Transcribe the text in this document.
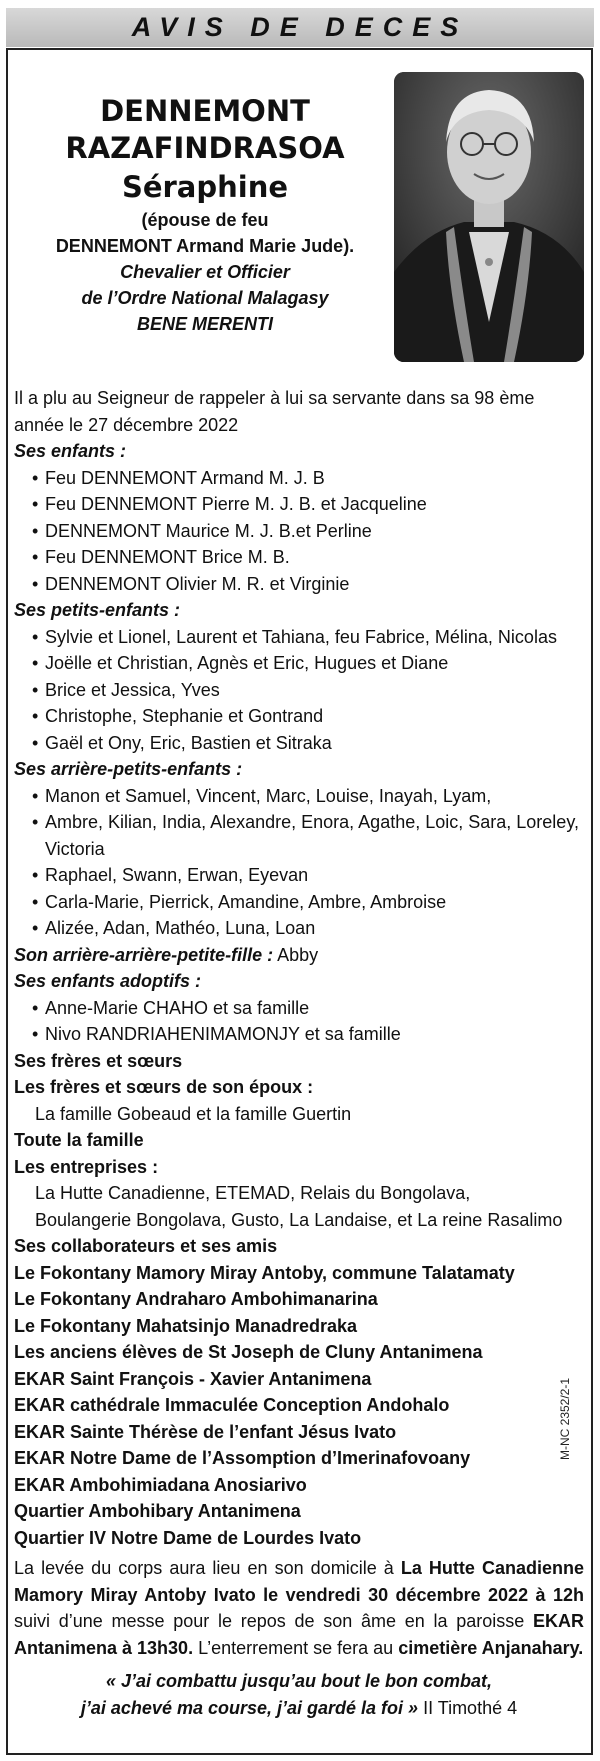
AVIS DE DECES
DENNEMONT
RAZAFINDRASOA
Séraphine
(épouse de feu
DENNEMONT Armand Marie Jude).
Chevalier et Officier
de l’Ordre National Malagasy
BENE MERENTI
Il a plu au Seigneur de rappeler à lui sa servante dans sa 98 ème année le 27 décembre 2022
Ses enfants :
• Feu DENNEMONT Armand M. J. B
• Feu DENNEMONT Pierre M. J. B. et Jacqueline
• DENNEMONT Maurice M. J. B.et Perline
• Feu DENNEMONT Brice M. B.
• DENNEMONT Olivier M. R. et Virginie
Ses petits-enfants :
• Sylvie et Lionel, Laurent et Tahiana, feu Fabrice, Mélina, Nicolas
• Joëlle et Christian, Agnès et Eric, Hugues et Diane
• Brice et Jessica, Yves
• Christophe, Stephanie et Gontrand
• Gaël et Ony, Eric, Bastien et Sitraka
Ses arrière-petits-enfants :
• Manon et Samuel, Vincent, Marc, Louise, Inayah, Lyam,
• Ambre, Kilian, India, Alexandre, Enora, Agathe, Loic, Sara, Loreley, Victoria
• Raphael, Swann, Erwan, Eyevan
• Carla-Marie, Pierrick, Amandine, Ambre, Ambroise
• Alizée, Adan, Mathéo, Luna, Loan
Son arrière-arrière-petite-fille : Abby
Ses enfants adoptifs :
• Anne-Marie CHAHO et sa famille
• Nivo RANDRIAHENIMAMONJY et sa famille
Ses frères et sœurs
Les frères et sœurs de son époux :
La famille Gobeaud et la famille Guertin
Toute la famille
Les entreprises :
La Hutte Canadienne, ETEMAD, Relais du Bongolava,
Boulangerie Bongolava, Gusto, La Landaise, et La reine Rasalimo
Ses collaborateurs et ses amis
Le Fokontany Mamory Miray Antoby, commune Talatamaty
Le Fokontany Andraharo Ambohimanarina
Le Fokontany Mahatsinjo Manadredraka
Les anciens élèves de St Joseph de Cluny Antanimena
EKAR Saint François - Xavier Antanimena
EKAR cathédrale Immaculée Conception Andohalo
EKAR Sainte Thérèse de l’enfant Jésus Ivato
EKAR Notre Dame de l’Assomption d’Imerinafovoany
EKAR Ambohimiadana Anosiarivo
Quartier Ambohibary Antanimena
Quartier IV Notre Dame de Lourdes Ivato
La levée du corps aura lieu en son domicile à La Hutte Canadienne Mamory Miray Antoby Ivato le vendredi 30 décembre 2022 à 12h suivi d’une messe pour le repos de son âme en la paroisse EKAR Antanimena à 13h30. L’enterrement se fera au cimetière Anjanahary.
« J’ai combattu jusqu’au bout le bon combat,
j’ai achevé ma course, j’ai gardé la foi » II Timothé 4
M-NC 2352/2-1
